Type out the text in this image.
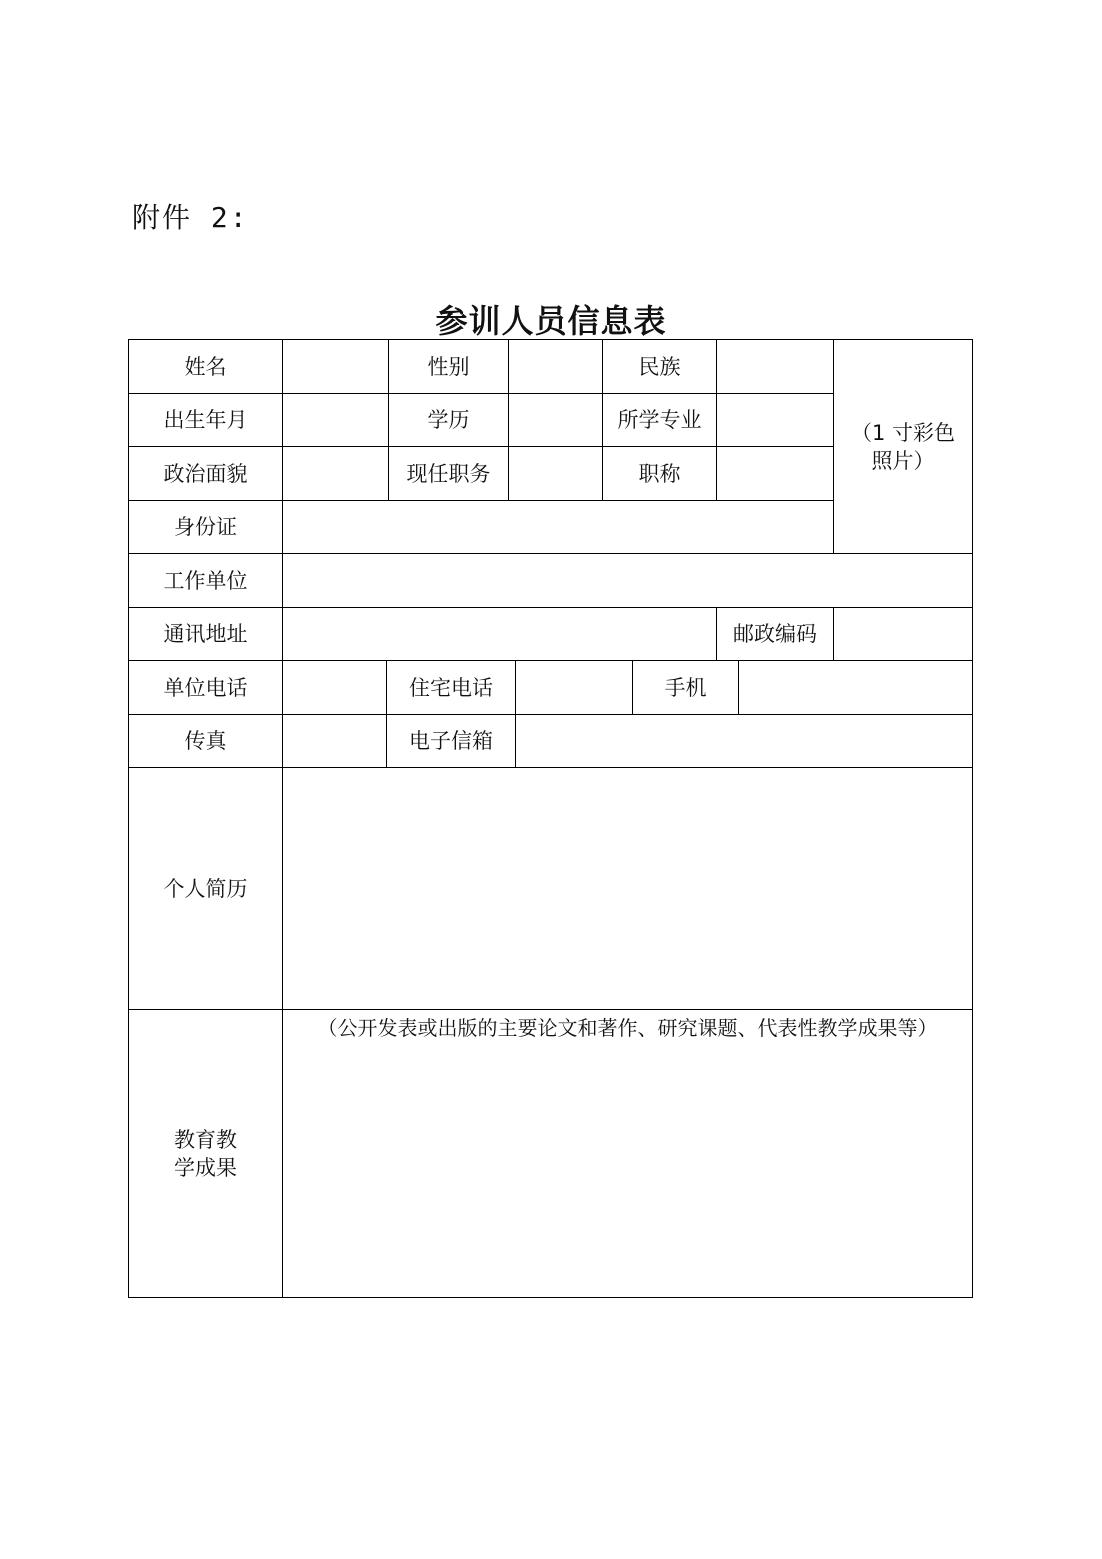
附件 2:
参训人员信息表
姓名	性别	民族
（1 寸彩色照片）
出生年月	学历	所学专业
政治面貌	现任职务	职称
身份证
工作单位
通讯地址	邮政编码
单位电话	住宅电话	手机
传真	电子信箱
个人简历
教育教学成果
（公开发表或出版的主要论文和著作、研究课题、代表性教学成果等）
